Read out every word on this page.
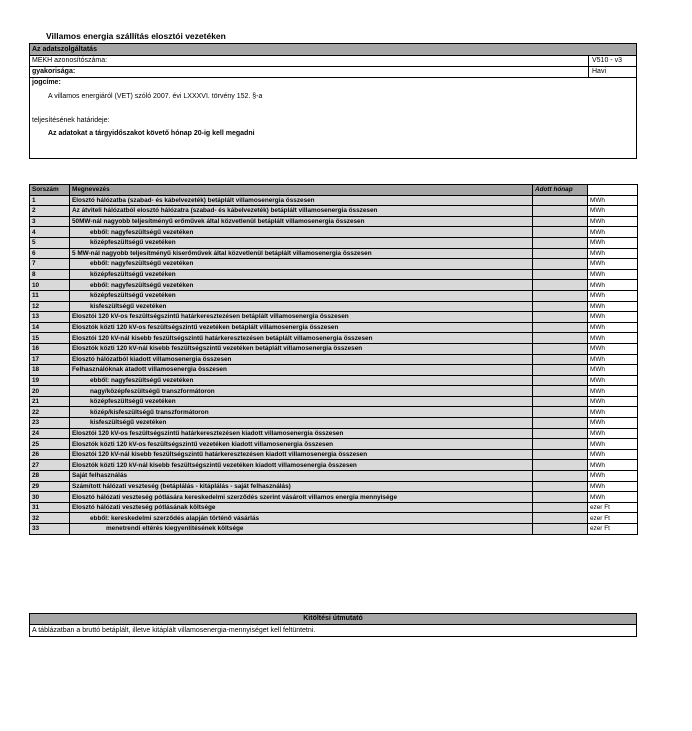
Villamos energia szállítás elosztói vezetéken
Az adatszolgáltatás
MEKH azonosítószáma:	V510 - v3
gyakorisága:	Havi
jogcíme:
A villamos energiáról (VET) szóló 2007. évi LXXXVI. törvény 152. §-a
teljesítésének határideje:
Az adatokat a tárgyidőszakot követő hónap 20-ig kell megadni
Sorszám	Megnevezés	Adott hónap	
1	Elosztó hálózatba (szabad- és kábelvezeték) betáplált villamosenergia összesen		MWh
2	Az átviteli hálózatból elosztó hálózatra (szabad- és kábelvezeték) betáplált villamosenergia összesen		MWh
3	50MW-nál nagyobb teljesítményű erőművek által közvetlenül betáplált villamosenergia összesen		MWh
4	ebből: nagyfeszültségű vezetéken		MWh
5	középfeszültségű vezetéken		MWh
6	5 MW-nál nagyobb teljesítményű kiserőművek által közvetlenül betáplált villamosenergia összesen		MWh
7	ebből: nagyfeszültségű vezetéken		MWh
8	középfeszültségű vezetéken		MWh
10	ebből: nagyfeszültségű vezetéken		MWh
11	középfeszültségű vezetéken		MWh
12	kisfeszültségű vezetéken		MWh
13	Elosztói 120 kV-os feszültségszintű határkeresztezésen betáplált villamosenergia összesen		MWh
14	Elosztók közti 120 kV-os feszültségszintű vezetéken betáplált villamosenergia összesen		MWh
15	Elosztói 120 kV-nál kisebb feszültségszintű határkeresztezésen betáplált villamosenergia összesen		MWh
16	Elosztók közti 120 kV-nál kisebb feszültségszintű vezetéken betáplált villamosenergia összesen		MWh
17	Elosztó hálózatból kiadott villamosenergia összesen		MWh
18	Felhasználóknak átadott villamosenergia összesen		MWh
19	ebből: nagyfeszültségű vezetéken		MWh
20	nagy/középfeszültségű transzformátoron		MWh
21	középfeszültségű vezetéken		MWh
22	közép/kisfeszültségű transzformátoron		MWh
23	kisfeszültségű vezetéken		MWh
24	Elosztói 120 kV-os feszültségszintű határkeresztezésen kiadott villamosenergia összesen		MWh
25	Elosztók közti 120 kV-os feszültségszintű vezetéken kiadott villamosenergia összesen		MWh
26	Elosztói 120 kV-nál kisebb feszültségszintű határkeresztezésen kiadott villamosenergia összesen		MWh
27	Elosztók közti 120 kV-nál kisebb feszültségszintű vezetéken kiadott villamosenergia összesen		MWh
28	Saját felhasználás		MWh
29	Számított hálózati veszteség (betáplálás - kitáplálás - saját felhasználás)		MWh
30	Elosztó hálózati veszteség pótlására kereskedelmi szerződés szerint vásárolt villamos energia mennyisége		MWh
31	Elosztó hálózati veszteség pótlásának költsége		ezer Ft
32	ebből: kereskedelmi szerződés alapján történő vásárlás		ezer Ft
33	menetrendi eltérés kiegyenlítésének költsége		ezer Ft
Kitöltési útmutató
A táblázatban a bruttó betáplált, illetve kitáplált villamosenergia-mennyiséget kell feltüntetni.
